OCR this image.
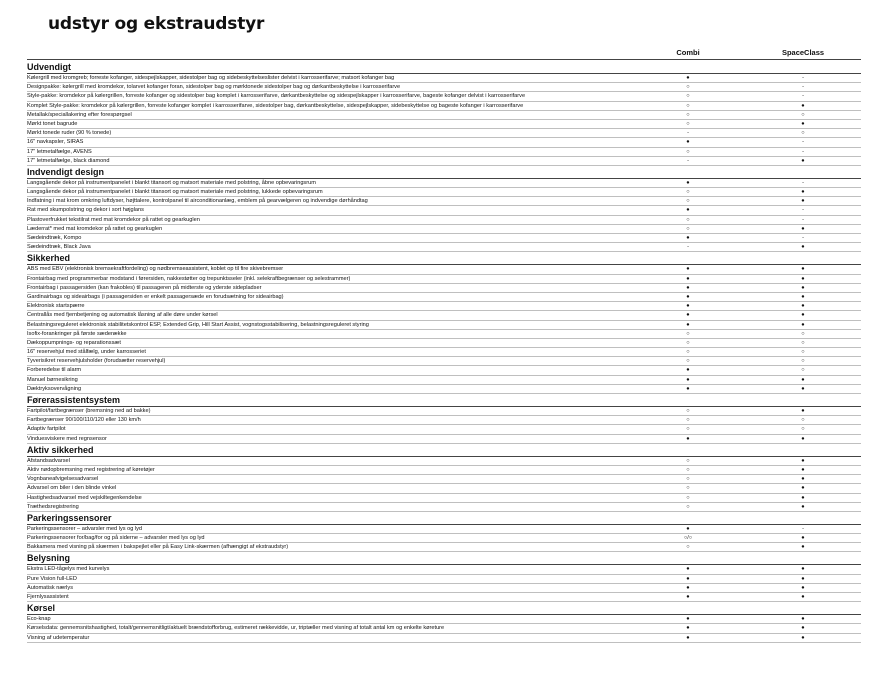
udstyr og ekstraudstyr
Combi	SpaceClass
Udvendigt
Kølergrill med kromgreb; forreste kofanger, sidespejlskapper, sidestolper bag og sidebeskyttelseslister delvist i karrosserifarve; matsort kofanger bag	●	-
Designpakke: kølergrill med kromdekor, tolarvet kofanger foran, sidestolper bag og mørktonede sidestolper bag og dørkantbeskyttelse i karrosserifarve	○	-
Style-pakke: kromdekor på kølergrillen, forreste kofanger og sidestolper bag komplet i karrosserifarve, dørkantbeskyttelse og sidespejlskapper i karrosserifarve, bageste kofanger delvist i karrosserifarve	○	-
Komplet Style-pakke: kromdekor på kølergrillen, forreste kofanger komplet i karrosserifarve, sidestolper bag, dørkantbeskyttelse, sidespejlskapper, sidebeskyttelse og bageste kofanger i karrosserifarve	○	●
Metallak/speciallakering efter forespørgsel	○	○
Mørkt tonet bagrude	○	●
Mørkt tonede ruder (90 % tonede)	-	○
16" navkapsler, SIRAS	●	-
17" letmetalfælge, AVENS	○	-
17" letmetalfælge, black diamond	-	●
Indvendigt design
Langsgående dekor på instrumentpanelet i blankt titansort og matsort materiale med polstring, åbne opbevaringsrum	●	-
Langsgående dekor på instrumentpanelet i blankt titansort og matsort materiale med polstring, lukkede opbevaringsrum	○	●
Indfatning i mat krom omkring luftdyser, højttalere, kontrolpanel til airconditionanlæg, emblem på gearvælgeren og indvendige dørhåndtag	○	●
Rat med skumpolstring og dekor i sort højglans	●	-
Plastoverfrukket tekstilrat med mat kromdekor på rattet og gearkuglen	○	-
Læderrat* med mat kromdekor på rattet og gearkuglen	○	●
Sædeindtræk, Kompo	●	-
Sædeindtræk, Black Java	-	●
Sikkerhed
ABS med EBV (elektronisk bremsekraftfordeling) og nødbremseassistent, koblet op til fire skivebremser	●	●
Frontairbag med programmerbar modstand i førersiden, nakkestøtter og trepunktsseler (inkl. selekraftbegrænser og selestrammer)	●	●
Frontairbag i passagersiden (kan frakobles) til passageren på midterste og yderste sidepladser	●	●
Gardinairbags og sideairbags (i passagersiden er enkelt passagersæde en forudsætning for sideairbag)	●	●
Elektronisk startspærre	●	●
Centrallås med fjernbetjening og automatisk låsning af alle døre under kørsel	●	●
Belastningsreguleret elektronisk stabilitetskontrol ESP, Extended Grip, Hill Start Assist, vognstogsstabilisering, belastningsreguleret styring	●	●
Isofix-forankringer på første sæderække	○	○
Dækoppumpnings- og reparationssæt	○	○
16" reservehjul med stålfælg, under karrosseriet	○	○
Tyverisikret reservehjulsholder (forudsætter reservehjul)	○	○
Forberedelse til alarm	●	○
Manuel børnesikring	●	●
Dæktryksovervågning	●	●
Førerassistentsystem
Fartpilot/fartbegrænser (bremsning ned ad bakke)	○	●
Fartbegrænser 90/100/110/120 eller 130 km/h	○	○
Adaptiv fartpilot	○	○
Vinduesviskere med regnsensor	●	●
Aktiv sikkerhed
Afstandsadvarsel	○	●
Aktiv nødopbremsning med registrering af køretøjer	○	●
Vognbaneafvigelsesadvarsel	○	●
Advarsel om biler i den blinde vinkel	○	●
Hastighedsadvarsel med vejskiltegenkendelse	○	●
Træthedsregistrering	○	●
Parkeringssensorer
Parkeringssensorer – advarsler med lys og lyd	●	-
Parkeringssensorer for/bag/for og på siderne – advarsler med lys og lyd	○/○	●
Bakkamera med visning på skærmen i bakspejlet eller på Easy Link-skærmen (afhængigt af ekstraudstyr)	○	●
Belysning
Ekstra LED-tågelys med kurvelys	●	●
Pure Vision full-LED	●	●
Automatisk nærlys	●	●
Fjernlysassistent	●	●
Kørsel
Eco-knap	●	●
Kørselsdata: gennemsnitshastighed, totalt/gennemsnitligt/aktuelt brændstofforbrug, estimeret rækkevidde, ur, triptæller med visning af totalt antal km og enkelte køreture	●	●
Visning af udetemperatur	●	●
